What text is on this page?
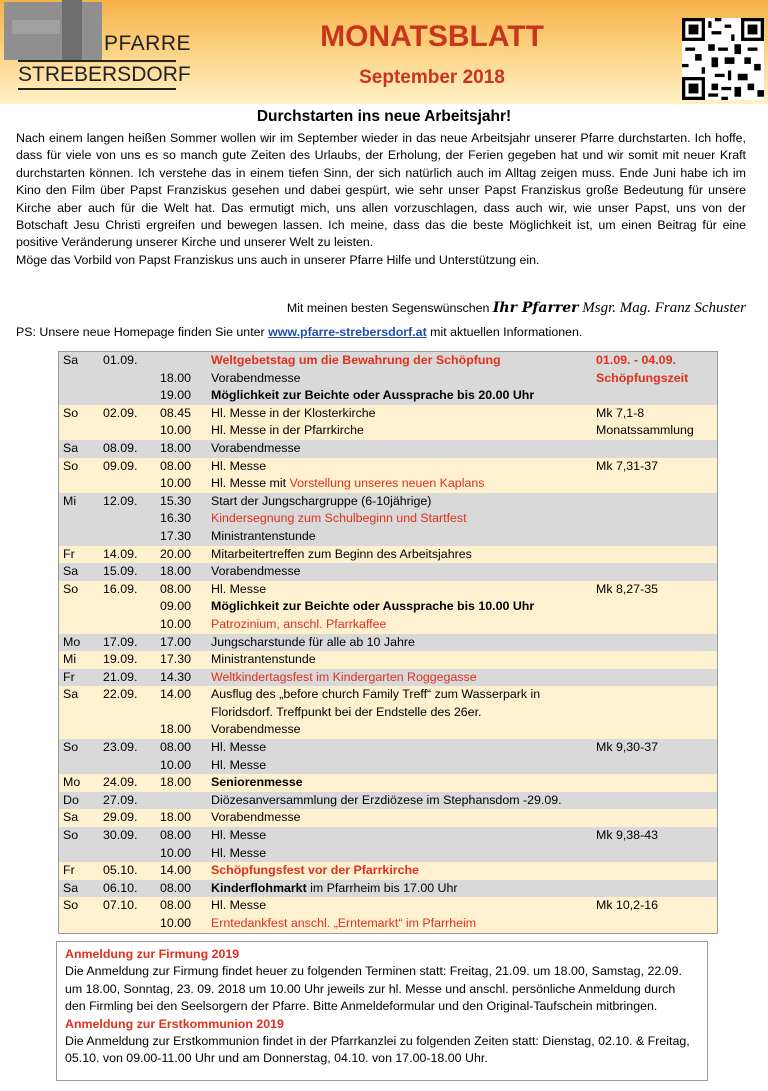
PFARRE
STREBERSDORF
MONATSBLATT
September 2018
Durchstarten ins neue Arbeitsjahr!

Nach einem langen heißen Sommer wollen wir im September wieder in das neue Arbeitsjahr unserer Pfarre durchstarten. Ich hoffe, dass für viele von uns es so manch gute Zeiten des Urlaubs, der Erholung, der Ferien gegeben hat und wir somit mit neuer Kraft durchstarten können. Ich verstehe das in einem tiefen Sinn, der sich natürlich auch im Alltag zeigen muss. Ende Juni habe ich im Kino den Film über Papst Franziskus gesehen und dabei gespürt, wie sehr unser Papst Franziskus große Bedeutung für unsere Kirche aber auch für die Welt hat. Das ermutigt mich, uns allen vorzuschlagen, dass auch wir, wie unser Papst, uns von der Botschaft Jesu Christi ergreifen und bewegen lassen. Ich meine, dass das die beste Möglichkeit ist, um einen Beitrag für eine positive Veränderung unserer Kirche und unserer Welt zu leisten.

Möge das Vorbild von Papst Franziskus uns auch in unserer Pfarre Hilfe und Unterstützung ein.

Mit meinen besten Segenswünschen Ihr Pfarrer Msgr. Mag. Franz Schuster
PS: Unsere neue Homepage finden Sie unter www.pfarre-strebersdorf.at mit aktuellen Informationen.
Sa 01.09.	Weltgebetstag um die Bewahrung der Schöpfung	01.09. - 04.09.
18.00 Vorabendmesse	Schöpfungszeit
19.00 Möglichkeit zur Beichte oder Aussprache bis 20.00 Uhr
So 02.09. 08.45 Hl. Messe in der Klosterkirche	Mk 7,1-8
10.00 Hl. Messe in der Pfarrkirche	Monatssammlung
Sa 08.09. 18.00 Vorabendmesse
So 09.09. 08.00 Hl. Messe	Mk 7,31-37
10.00 Hl. Messe mit Vorstellung unseres neuen Kaplans
Mi 12.09. 15.30 Start der Jungschargruppe (6-10jährige)
16.30 Kindersegnung zum Schulbeginn und Startfest
17.30 Ministrantenstunde
Fr 14.09. 20.00 Mitarbeitertreffen zum Beginn des Arbeitsjahres
Sa 15.09. 18.00 Vorabendmesse
So 16.09. 08.00 Hl. Messe	Mk 8,27-35
09.00 Möglichkeit zur Beichte oder Aussprache bis 10.00 Uhr
10.00 Patrozinium, anschl. Pfarrkaffee
Mo 17.09. 17.00 Jungscharstunde für alle ab 10 Jahre
Mi 19.09. 17.30 Ministrantenstunde
Fr 21.09. 14.30 Weltkindertagsfest im Kindergarten Roggegasse
Sa 22.09. 14.00 Ausflug des „before church Family Treff“ zum Wasserpark in
Floridsdorf. Treffpunkt bei der Endstelle des 26er.
18.00 Vorabendmesse
So 23.09. 08.00 Hl. Messe	Mk 9,30-37
10.00 Hl. Messe
Mo 24.09. 18.00 Seniorenmesse
Do 27.09.	Diözesanversammlung der Erzdiözese im Stephansdom -29.09.
Sa 29.09. 18.00 Vorabendmesse
So 30.09. 08.00 Hl. Messe	Mk 9,38-43
10.00 Hl. Messe
Fr 05.10. 14.00 Schöpfungsfest vor der Pfarrkirche
Sa 06.10. 08.00 Kinderflohmarkt im Pfarrheim bis 17.00 Uhr
So 07.10. 08.00 Hl. Messe	Mk 10,2-16
10.00 Erntedankfest anschl. „Erntemarkt“ im Pfarrheim

Anmeldung zur Firmung 2019

Die Anmeldung zur Firmung findet heuer zu folgenden Terminen statt: Freitag, 21.09. um 18.00, Samstag, 22.09. um 18.00, Sonntag, 23. 09. 2018 um 10.00 Uhr jeweils zur hl. Messe und anschl. persönliche Anmeldung durch den Firmling bei den Seelsorgern der Pfarre. Bitte Anmeldeformular und den Original-Taufschein mitbringen.

Anmeldung zur Erstkommunion 2019

Die Anmeldung zur Erstkommunion findet in der Pfarrkanzlei zu folgenden Zeiten statt: Dienstag, 02.10. & Freitag, 05.10. von 09.00-11.00 Uhr und am Donnerstag, 04.10. von 17.00-18.00 Uhr.
